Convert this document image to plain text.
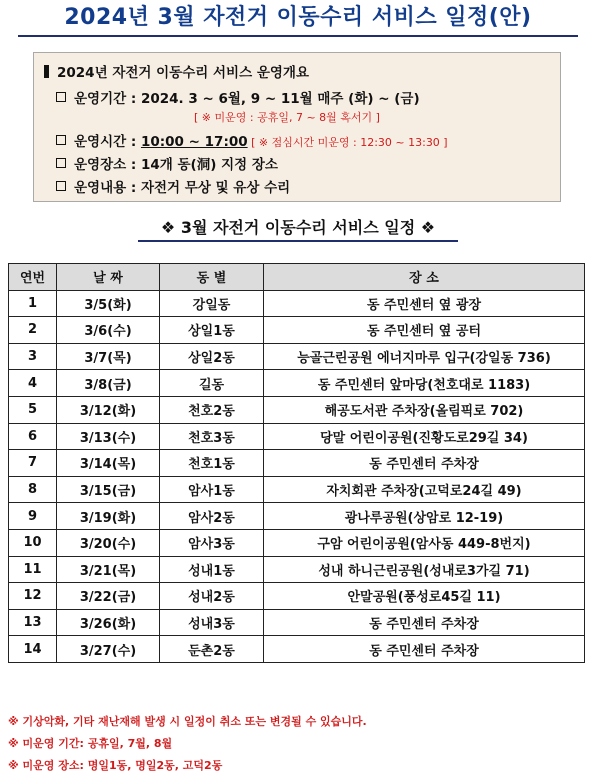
2024년 3월 자전거 이동수리 서비스 일정(안)
2024년 자전거 이동수리 서비스 운영개요
운영기간 : 2024. 3 ~ 6월, 9 ~ 11월 매주 (화) ~ (금)
[ ※ 미운영 : 공휴일, 7 ~ 8월 혹서기 ]
운영시간 : 10:00 ~ 17:00 [ ※ 점심시간 미운영 : 12:30 ~ 13:30 ]
운영장소 : 14개 동(洞) 지정 장소
운영내용 : 자전거 무상 및 유상 수리
❖ 3월 자전거 이동수리 서비스 일정 ❖
연번	날 짜	동 별	장 소
1	3/5(화)	강일동	동 주민센터 옆 광장
2	3/6(수)	상일1동	동 주민센터 옆 공터
3	3/7(목)	상일2동	능골근린공원 에너지마루 입구(강일동 736)
4	3/8(금)	길동	동 주민센터 앞마당(천호대로 1183)
5	3/12(화)	천호2동	해공도서관 주차장(올림픽로 702)
6	3/13(수)	천호3동	당말 어린이공원(진황도로29길 34)
7	3/14(목)	천호1동	동 주민센터 주차장
8	3/15(금)	암사1동	자치회관 주차장(고덕로24길 49)
9	3/19(화)	암사2동	광나루공원(상암로 12-19)
10	3/20(수)	암사3동	구암 어린이공원(암사동 449-8번지)
11	3/21(목)	성내1동	성내 하니근린공원(성내로3가길 71)
12	3/22(금)	성내2동	안말공원(풍성로45길 11)
13	3/26(화)	성내3동	동 주민센터 주차장
14	3/27(수)	둔촌2동	동 주민센터 주차장
※ 기상악화, 기타 재난재해 발생 시 일정이 취소 또는 변경될 수 있습니다.
※ 미운영 기간: 공휴일, 7월, 8월
※ 미운영 장소: 명일1동, 명일2동, 고덕2동
